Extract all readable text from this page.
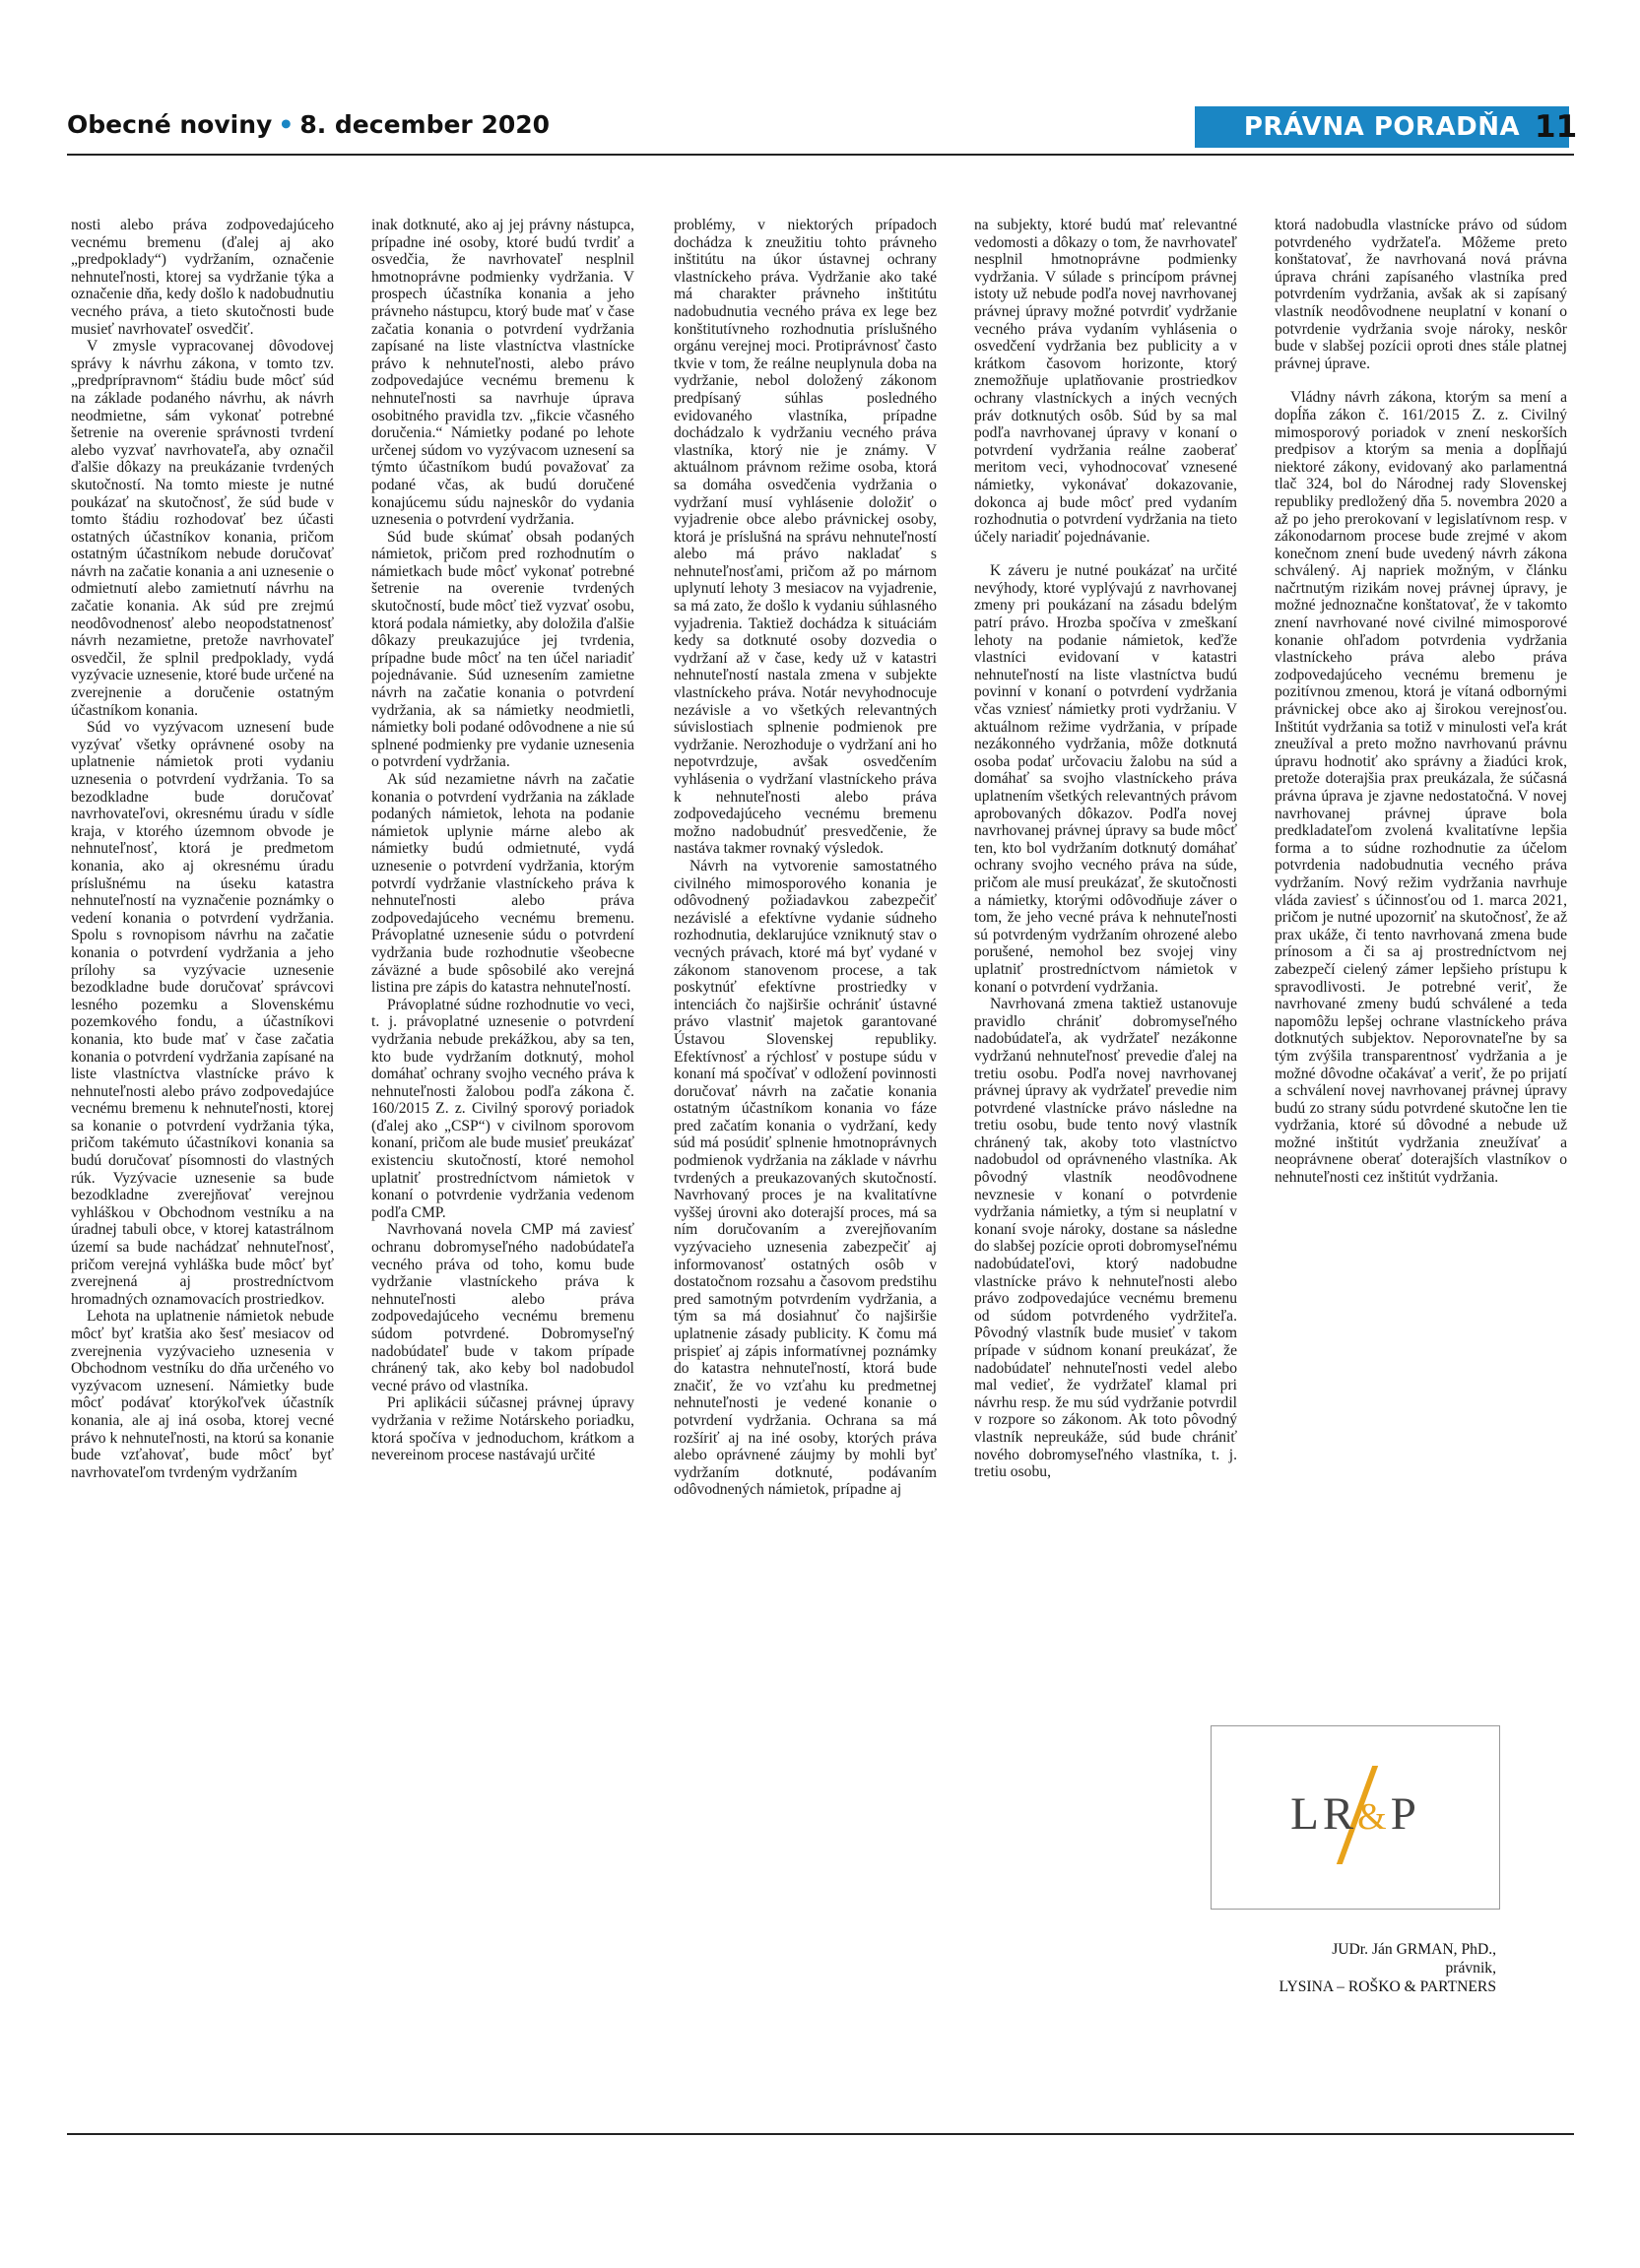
Obecné noviny • 8. december 2020	PRÁVNA PORADŇA 11

nosti alebo práva zodpovedajúceho vecnému bremenu (ďalej aj ako „predpoklady“) vydržaním, označenie nehnuteľnosti, ktorej sa vydržanie týka a označenie dňa, kedy došlo k nadobudnutiu vecného práva, a tieto skutočnosti bude musieť navrhovateľ osvedčiť.

V zmysle vypracovanej dôvodovej správy k návrhu zákona, v tomto tzv. „predprípravnom“ štádiu bude môcť súd na základe podaného návrhu, ak návrh neodmietne, sám vykonať potrebné šetrenie na overenie správnosti tvrdení alebo vyzvať navrhovateľa, aby označil ďalšie dôkazy na preukázanie tvrdených skutočností. Na tomto mieste je nutné poukázať na skutočnosť, že súd bude v tomto štádiu rozhodovať bez účasti ostatných účastníkov konania, pričom ostatným účastníkom nebude doručovať návrh na začatie konania a ani uznesenie o odmietnutí alebo zamietnutí návrhu na začatie konania. Ak súd pre zrejmú neodôvodnenosť alebo neopodstatnenosť návrh nezamietne, pretože navrhovateľ osvedčil, že splnil predpoklady, vydá vyzývacie uznesenie, ktoré bude určené na zverejnenie a doručenie ostatným účastníkom konania.

Súd vo vyzývacom uznesení bude vyzývať všetky oprávnené osoby na uplatnenie námietok proti vydaniu uznesenia o potvrdení vydržania. To sa bezodkladne bude doručovať navrhovateľovi, okresnému úradu v sídle kraja, v ktorého územnom obvode je nehnuteľnosť, ktorá je predmetom konania, ako aj okresnému úradu príslušnému na úseku katastra nehnuteľností na vyznačenie poznámky o vedení konania o potvrdení vydržania. Spolu s rovnopisom návrhu na začatie konania o potvrdení vydržania a jeho prílohy sa vyzývacie uznesenie bezodkladne bude doručovať správcovi lesného pozemku a Slovenskému pozemkového fondu, a účastníkovi konania, kto bude mať v čase začatia konania o potvrdení vydržania zapísané na liste vlastníctva vlastnícke právo k nehnuteľnosti alebo právo zodpovedajúce vecnému bremenu k nehnuteľnosti, ktorej sa konanie o potvrdení vydržania týka, pričom takémuto účastníkovi konania sa budú doručovať písomnosti do vlastných rúk. Vyzývacie uznesenie sa bude bezodkladne zverejňovať verejnou vyhláškou v Obchodnom vestníku a na úradnej tabuli obce, v ktorej katastrálnom území sa bude nachádzať nehnuteľnosť, pričom verejná vyhláška bude môcť byť zverejnená aj prostredníctvom hromadných oznamovacích prostriedkov.

Lehota na uplatnenie námietok nebude môcť byť kratšia ako šesť mesiacov od zverejnenia vyzývacieho uznesenia v Obchodnom vestníku do dňa určeného vo vyzývacom uznesení. Námietky bude môcť podávať ktorýkoľvek účastník konania, ale aj iná osoba, ktorej vecné právo k nehnuteľnosti, na ktorú sa konanie bude vzťahovať, bude môcť byť navrhovateľom tvrdeným vydržaním

inak dotknuté, ako aj jej právny nástupca, prípadne iné osoby, ktoré budú tvrdiť a osvedčia, že navrhovateľ nesplnil hmotnoprávne podmienky vydržania. V prospech účastníka konania a jeho právneho nástupcu, ktorý bude mať v čase začatia konania o potvrdení vydržania zapísané na liste vlastníctva vlastnícke právo k nehnuteľnosti, alebo právo zodpovedajúce vecnému bremenu k nehnuteľnosti sa navrhuje úprava osobitného pravidla tzv. „fikcie včasného doručenia.“ Námietky podané po lehote určenej súdom vo vyzývacom uznesení sa týmto účastníkom budú považovať za podané včas, ak budú doručené konajúcemu súdu najneskôr do vydania uznesenia o potvrdení vydržania.

Súd bude skúmať obsah podaných námietok, pričom pred rozhodnutím o námietkach bude môcť vykonať potrebné šetrenie na overenie tvrdených skutočností, bude môcť tiež vyzvať osobu, ktorá podala námietky, aby doložila ďalšie dôkazy preukazujúce jej tvrdenia, prípadne bude môcť na ten účel nariadiť pojednávanie. Súd uznesením zamietne návrh na začatie konania o potvrdení vydržania, ak sa námietky neodmietli, námietky boli podané odôvodnene a nie sú splnené podmienky pre vydanie uznesenia o potvrdení vydržania.

Ak súd nezamietne návrh na začatie konania o potvrdení vydržania na základe podaných námietok, lehota na podanie námietok uplynie márne alebo ak námietky budú odmietnuté, vydá uznesenie o potvrdení vydržania, ktorým potvrdí vydržanie vlastníckeho práva k nehnuteľnosti alebo práva zodpovedajúceho vecnému bremenu. Právoplatné uznesenie súdu o potvrdení vydržania bude rozhodnutie všeobecne záväzné a bude spôsobilé ako verejná listina pre zápis do katastra nehnuteľností.

Právoplatné súdne rozhodnutie vo veci, t. j. právoplatné uznesenie o potvrdení vydržania nebude prekážkou, aby sa ten, kto bude vydržaním dotknutý, mohol domáhať ochrany svojho vecného práva k nehnuteľnosti žalobou podľa zákona č. 160/2015 Z. z. Civilný sporový poriadok (ďalej ako „CSP“) v civilnom sporovom konaní, pričom ale bude musieť preukázať existenciu skutočností, ktoré nemohol uplatniť prostredníctvom námietok v konaní o potvrdenie vydržania vedenom podľa CMP.

Navrhovaná novela CMP má zaviesť ochranu dobromyseľného nadobúdateľa vecného práva od toho, komu bude vydržanie vlastníckeho práva k nehnuteľnosti alebo práva zodpovedajúceho vecnému bremenu súdom potvrdené. Dobromyseľný nadobúdateľ bude v takom prípade chránený tak, ako keby bol nadobudol vecné právo od vlastníka.

Pri aplikácii súčasnej právnej úpravy vydržania v režime Notárskeho poriadku, ktorá spočíva v jednoduchom, krátkom a nevereinom procese nastávajú určité

problémy, v niektorých prípadoch dochádza k zneužitiu tohto právneho inštitútu na úkor ústavnej ochrany vlastníckeho práva. Vydržanie ako také má charakter právneho inštitútu nadobudnutia vecného práva ex lege bez konštitutívneho rozhodnutia príslušného orgánu verejnej moci. Protiprávnosť často tkvie v tom, že reálne neuplynula doba na vydržanie, nebol doložený zákonom predpísaný súhlas posledného evidovaného vlastníka, prípadne dochádzalo k vydržaniu vecného práva vlastníka, ktorý nie je známy. V aktuálnom právnom režime osoba, ktorá sa domáha osvedčenia vydržania o vydržaní musí vyhlásenie doložiť o vyjadrenie obce alebo právnickej osoby, ktorá je príslušná na správu nehnuteľností alebo má právo nakladať s nehnuteľnosťami, pričom až po márnom uplynutí lehoty 3 mesiacov na vyjadrenie, sa má zato, že došlo k vydaniu súhlasného vyjadrenia. Taktiež dochádza k situáciám kedy sa dotknuté osoby dozvedia o vydržaní až v čase, kedy už v katastri nehnuteľností nastala zmena v subjekte vlastníckeho práva. Notár nevyhodnocuje nezávisle a vo všetkých relevantných súvislostiach splnenie podmienok pre vydržanie. Nerozhoduje o vydržaní ani ho nepotvrdzuje, avšak osvedčením vyhlásenia o vydržaní vlastníckeho práva k nehnuteľnosti alebo práva zodpovedajúceho vecnému bremenu možno nadobudnúť presvedčenie, že nastáva takmer rovnaký výsledok.

Návrh na vytvorenie samostatného civilného mimosporového konania je odôvodnený požiadavkou zabezpečiť nezávislé a efektívne vydanie súdneho rozhodnutia, deklarujúce vzniknutý stav o vecných právach, ktoré má byť vydané v zákonom stanovenom procese, a tak poskytnúť efektívne prostriedky v intenciách čo najširšie ochrániť ústavné právo vlastniť majetok garantované Ústavou Slovenskej republiky. Efektívnosť a rýchlosť v postupe súdu v konaní má spočívať v odložení povinnosti doručovať návrh na začatie konania ostatným účastníkom konania vo fáze pred začatím konania o vydržaní, kedy súd má posúdiť splnenie hmotnoprávnych podmienok vydržania na základe v návrhu tvrdených a preukazovaných skutočností. Navrhovaný proces je na kvalitatívne vyššej úrovni ako doterajší proces, má sa ním doručovaním a zverejňovaním vyzývacieho uznesenia zabezpečiť aj informovanosť ostatných osôb v dostatočnom rozsahu a časovom predstihu pred samotným potvrdením vydržania, a tým sa má dosiahnuť čo najširšie uplatnenie zásady publicity. K čomu má prispieť aj zápis informatívnej poznámky do katastra nehnuteľností, ktorá bude značiť, že vo vzťahu ku predmetnej nehnuteľnosti je vedené konanie o potvrdení vydržania. Ochrana sa má rozšíriť aj na iné osoby, ktorých práva alebo oprávnené záujmy by mohli byť vydržaním dotknuté, podávaním odôvodnených námietok, prípadne aj

na subjekty, ktoré budú mať relevantné vedomosti a dôkazy o tom, že navrhovateľ nesplnil hmotnoprávne podmienky vydržania. V súlade s princípom právnej istoty už nebude podľa novej navrhovanej právnej úpravy možné potvrdiť vydržanie vecného práva vydaním vyhlásenia o osvedčení vydržania bez publicity a v krátkom časovom horizonte, ktorý znemožňuje uplatňovanie prostriedkov ochrany vlastníckych a iných vecných práv dotknutých osôb. Súd by sa mal podľa navrhovanej úpravy v konaní o potvrdení vydržania reálne zaoberať meritom veci, vyhodnocovať vznesené námietky, vykonávať dokazovanie, dokonca aj bude môcť pred vydaním rozhodnutia o potvrdení vydržania na tieto účely nariadiť pojednávanie.

K záveru je nutné poukázať na určité nevýhody, ktoré vyplývajú z navrhovanej zmeny pri poukázaní na zásadu bdelým patrí právo. Hrozba spočíva v zmeškaní lehoty na podanie námietok, keďže vlastníci evidovaní v katastri nehnuteľností na liste vlastníctva budú povinní v konaní o potvrdení vydržania včas vzniesť námietky proti vydržaniu. V aktuálnom režime vydržania, v prípade nezákonného vydržania, môže dotknutá osoba podať určovaciu žalobu na súd a domáhať sa svojho vlastníckeho práva uplatnením všetkých relevantných právom aprobovaných dôkazov. Podľa novej navrhovanej právnej úpravy sa bude môcť ten, kto bol vydržaním dotknutý domáhať ochrany svojho vecného práva na súde, pričom ale musí preukázať, že skutočnosti a námietky, ktorými odôvodňuje záver o tom, že jeho vecné práva k nehnuteľnosti sú potvrdeným vydržaním ohrozené alebo porušené, nemohol bez svojej viny uplatniť prostredníctvom námietok v konaní o potvrdení vydržania.

Navrhovaná zmena taktiež ustanovuje pravidlo chrániť dobromyseľného nadobúdateľa, ak vydržateľ nezákonne vydržanú nehnuteľnosť prevedie ďalej na tretiu osobu. Podľa novej navrhovanej právnej úpravy ak vydržateľ prevedie nim potvrdené vlastnícke právo následne na tretiu osobu, bude tento nový vlastník chránený tak, akoby toto vlastníctvo nadobudol od oprávneného vlastníka. Ak pôvodný vlastník neodôvodnene nevznesie v konaní o potvrdenie vydržania námietky, a tým si neuplatní v konaní svoje nároky, dostane sa následne do slabšej pozície oproti dobromyseľnému nadobúdateľovi, ktorý nadobudne vlastnícke právo k nehnuteľnosti alebo právo zodpovedajúce vecnému bremenu od súdom potvrdeného vydržiteľa. Pôvodný vlastník bude musieť v takom prípade v súdnom konaní preukázať, že nadobúdateľ nehnuteľnosti vedel alebo mal vedieť, že vydržateľ klamal pri návrhu resp. že mu súd vydržanie potvrdil v rozpore so zákonom. Ak toto pôvodný vlastník nepreukáže, súd bude chrániť nového dobromyseľného vlastníka, t. j. tretiu osobu,

ktorá nadobudla vlastnícke právo od súdom potvrdeného vydržateľa. Môžeme preto konštatovať, že navrhovaná nová právna úprava chráni zapísaného vlastníka pred potvrdením vydržania, avšak ak si zapísaný vlastník neodôvodnene neuplatní v konaní o potvrdenie vydržania svoje nároky, neskôr bude v slabšej pozícii oproti dnes stále platnej právnej úprave.

Vládny návrh zákona, ktorým sa mení a dopĺňa zákon č. 161/2015 Z. z. Civilný mimosporový poriadok v znení neskorších predpisov a ktorým sa menia a dopĺňajú niektoré zákony, evidovaný ako parlamentná tlač 324, bol do Národnej rady Slovenskej republiky predložený dňa 5. novembra 2020 a až po jeho prerokovaní v legislatívnom resp. v zákonodarnom procese bude zrejmé v akom konečnom znení bude uvedený návrh zákona schválený. Aj napriek možným, v článku načrtnutým rizikám novej právnej úpravy, je možné jednoznačne konštatovať, že v takomto znení navrhované nové civilné mimosporové konanie ohľadom potvrdenia vydržania vlastníckeho práva alebo práva zodpovedajúceho vecnému bremenu je pozitívnou zmenou, ktorá je vítaná odbornými právnickej obce ako aj širokou verejnosťou. Inštitút vydržania sa totiž v minulosti veľa krát zneužíval a preto možno navrhovanú právnu úpravu hodnotiť ako správny a žiadúci krok, pretože doterajšia prax preukázala, že súčasná právna úprava je zjavne nedostatočná. V novej navrhovanej právnej úprave bola predkladateľom zvolená kvalitatívne lepšia forma a to súdne rozhodnutie za účelom potvrdenia nadobudnutia vecného práva vydržaním. Nový režim vydržania navrhuje vláda zaviesť s účinnosťou od 1. marca 2021, pričom je nutné upozorniť na skutočnosť, že až prax ukáže, či tento navrhovaná zmena bude prínosom a či sa aj prostredníctvom nej zabezpečí cielený zámer lepšieho prístupu k spravodlivosti. Je potrebné veriť, že navrhované zmeny budú schválené a teda napomôžu lepšej ochrane vlastníckeho práva dotknutých subjektov. Neporovnateľne by sa tým zvýšila transparentnosť vydržania a je možné dôvodne očakávať a veriť, že po prijatí a schválení novej navrhovanej právnej úpravy budú zo strany súdu potvrdené skutočne len tie vydržania, ktoré sú dôvodné a nebude už možné inštitút vydržania zneužívať a neoprávnene oberať doterajších vlastníkov o nehnuteľnosti cez inštitút vydržania.

LR&P
JUDr. Ján GRMAN, PhD.,
právnik,
LYSINA – ROŠKO & PARTNERS
